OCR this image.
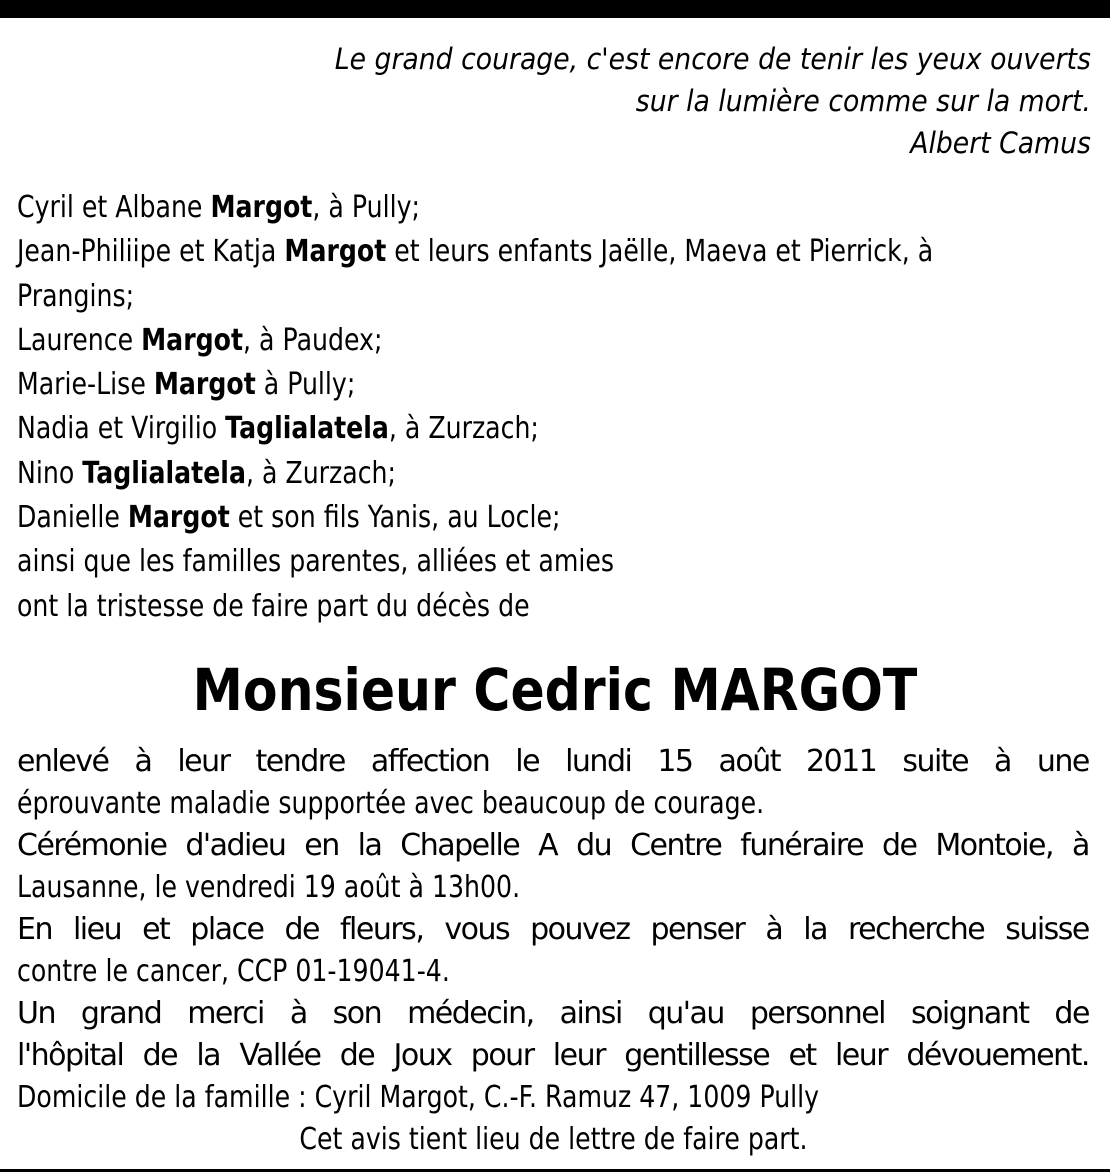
Le grand courage, c'est encore de tenir les yeux ouverts
sur la lumière comme sur la mort.
Albert Camus
Cyril et Albane Margot, à Pully;
Jean-Philiipe et Katja Margot et leurs enfants Jaëlle, Maeva et Pierrick, à
Prangins;
Laurence Margot, à Paudex;
Marie-Lise Margot à Pully;
Nadia et Virgilio Taglialatela, à Zurzach;
Nino Taglialatela, à Zurzach;
Danielle Margot et son fils Yanis, au Locle;
ainsi que les familles parentes, alliées et amies
ont la tristesse de faire part du décès de
Monsieur Cedric MARGOT
enlevé à leur tendre affection le lundi 15 août 2011 suite à une
éprouvante maladie supportée avec beaucoup de courage.
Cérémonie d'adieu en la Chapelle A du Centre funéraire de Montoie, à
Lausanne, le vendredi 19 août à 13h00.
En lieu et place de fleurs, vous pouvez penser à la recherche suisse
contre le cancer, CCP 01-19041-4.
Un grand merci à son médecin, ainsi qu'au personnel soignant de
l'hôpital de la Vallée de Joux pour leur gentillesse et leur dévouement.
Domicile de la famille : Cyril Margot, C.-F. Ramuz 47, 1009 Pully
Cet avis tient lieu de lettre de faire part.
